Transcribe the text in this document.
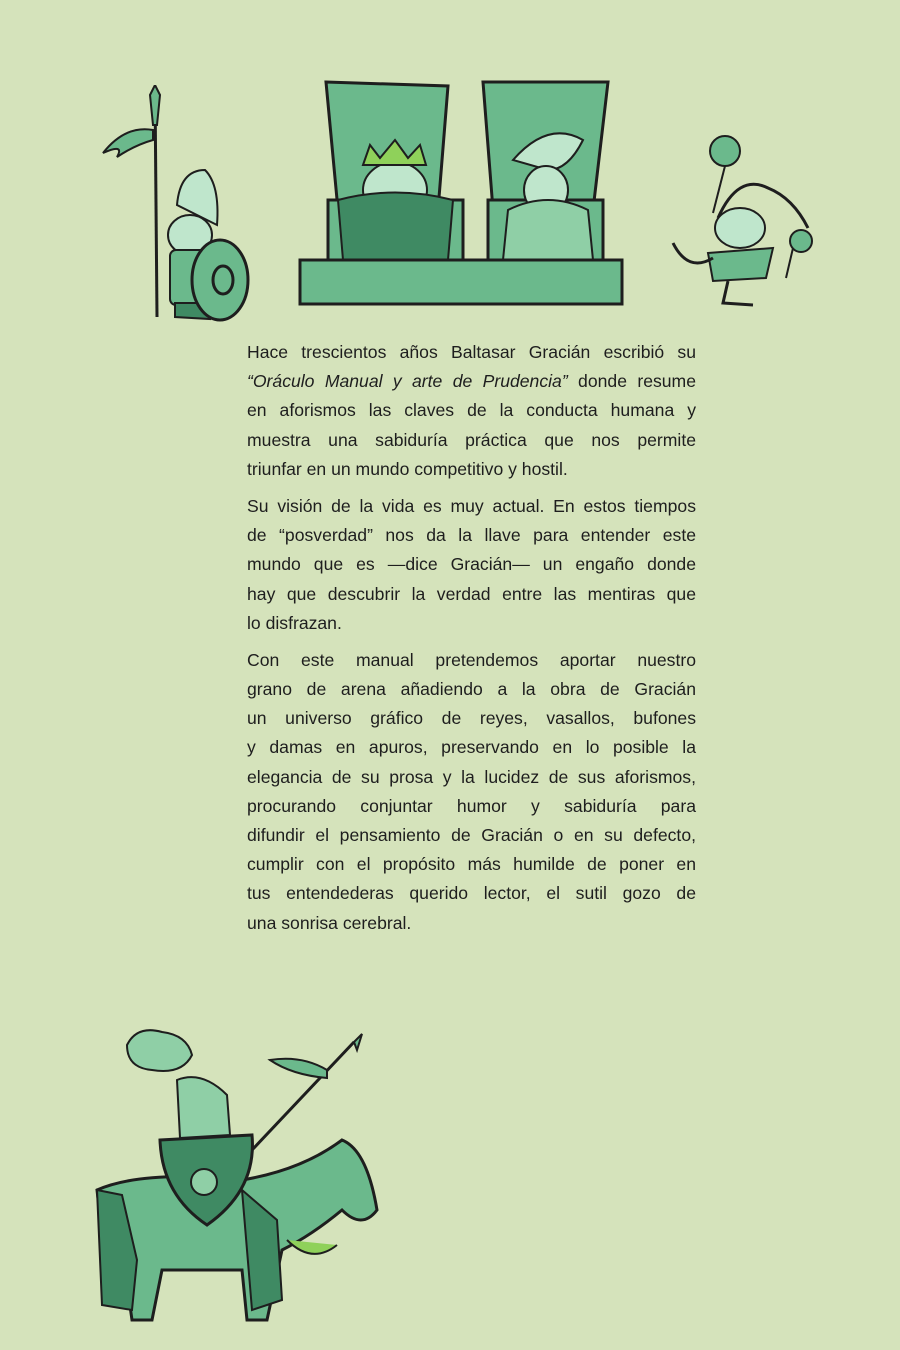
Hace trescientos años Baltasar Gracián escribió su
“Oráculo Manual y arte de Prudencia” donde resume
en aforismos las claves de la conducta humana y
muestra una sabiduría práctica que nos permite
triunfar en un mundo competitivo y hostil.
Su visión de la vida es muy actual. En estos tiempos
de “posverdad” nos da la llave para entender este
mundo que es —dice Gracián— un engaño donde
hay que descubrir la verdad entre las mentiras que
lo disfrazan.
Con este manual pretendemos aportar nuestro
grano de arena añadiendo a la obra de Gracián
un universo gráfico de reyes, vasallos, bufones
y damas en apuros, preservando en lo posible la
elegancia de su prosa y la lucidez de sus aforismos,
procurando conjuntar humor y sabiduría para
difundir el pensamiento de Gracián o en su defecto,
cumplir con el propósito más humilde de poner en
tus entendederas querido lector, el sutil gozo de
una sonrisa cerebral.
